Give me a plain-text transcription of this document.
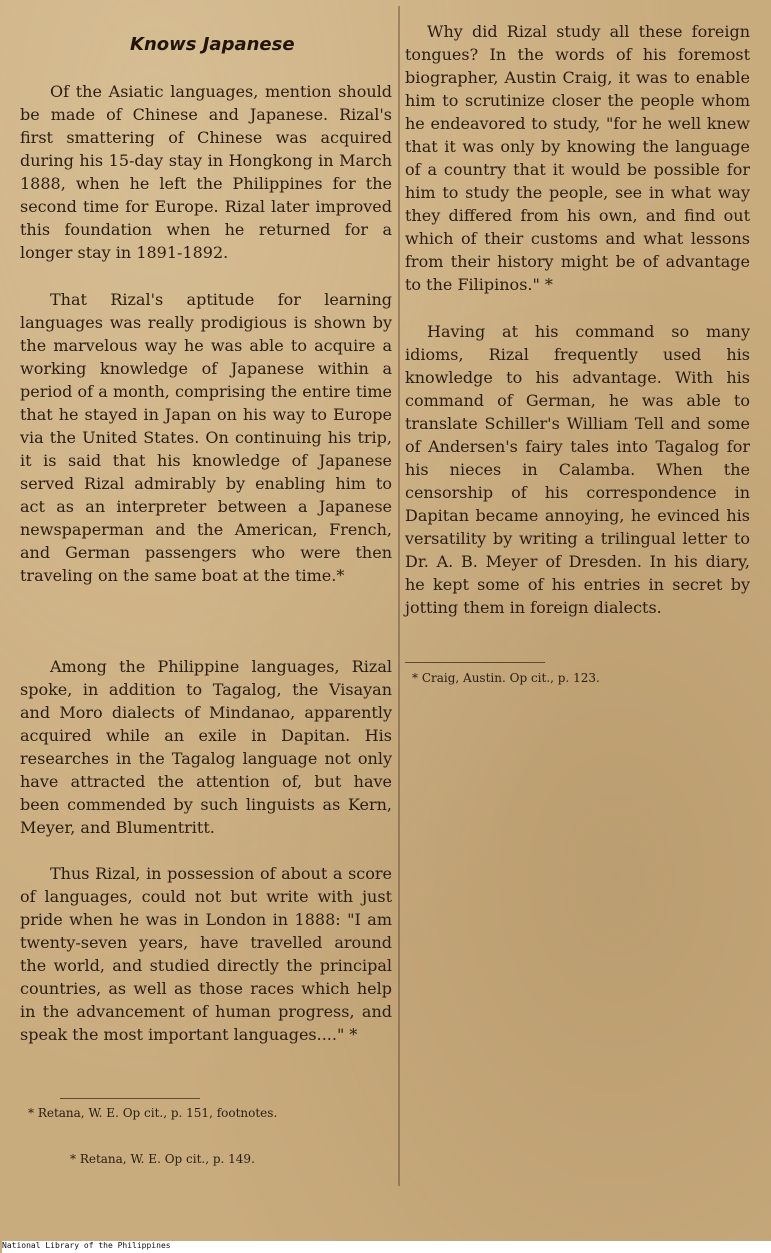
Knows Japanese

Of the Asiatic languages, mention should be made of Chinese and Japanese. Rizal's first smattering of Chinese was acquired during his 15-day stay in Hongkong in March 1888, when he left the Philippines for the second time for Europe. Rizal later improved this foundation when he returned for a longer stay in 1891-1892.

That Rizal's aptitude for learning languages was really prodigious is shown by the marvelous way he was able to acquire a working knowledge of Japanese within a period of a month, comprising the entire time that he stayed in Japan on his way to Europe via the United States. On continuing his trip, it is said that his knowledge of Japanese served Rizal admirably by enabling him to act as an interpreter between a Japanese newspaperman and the American, French, and German passengers who were then traveling on the same boat at the time.*

Among the Philippine languages, Rizal spoke, in addition to Tagalog, the Visayan and Moro dialects of Mindanao, apparently acquired while an exile in Dapitan. His researches in the Tagalog language not only have attracted the attention of, but have been commended by such linguists as Kern, Meyer, and Blumentritt.

Thus Rizal, in possession of about a score of languages, could not but write with just pride when he was in London in 1888: "I am twenty-seven years, have travelled around the world, and studied directly the principal countries, as well as those races which help in the advancement of human progress, and speak the most important languages...." *

* Retana, W. E. Op cit., p. 151, footnotes.
* Retana, W. E. Op cit., p. 149.

Why did Rizal study all these foreign tongues? In the words of his foremost biographer, Austin Craig, it was to enable him to scrutinize closer the people whom he endeavored to study, "for he well knew that it was only by knowing the language of a country that it would be possible for him to study the people, see in what way they differed from his own, and find out which of their customs and what lessons from their history might be of advantage to the Filipinos." *

Having at his command so many idioms, Rizal frequently used his knowledge to his advantage. With his command of German, he was able to translate Schiller's William Tell and some of Andersen's fairy tales into Tagalog for his nieces in Calamba. When the censorship of his correspondence in Dapitan became annoying, he evinced his versatility by writing a trilingual letter to Dr. A. B. Meyer of Dresden. In his diary, he kept some of his entries in secret by jotting them in foreign dialects.

* Craig, Austin. Op cit., p. 123.
National Library of the Philippines
